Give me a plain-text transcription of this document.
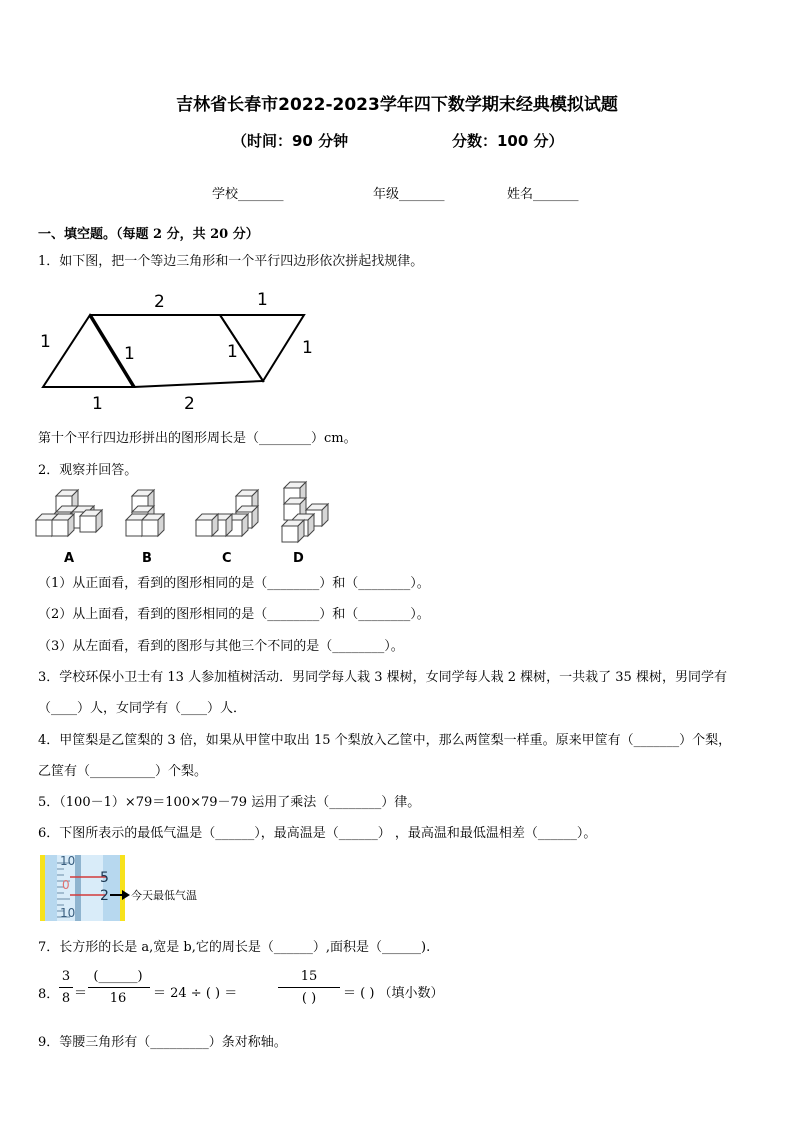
吉林省长春市2022-2023学年四下数学期末经典模拟试题
（时间：90 分钟	分数：100 分）
学校_______	年级_______	姓名_______
一、填空题。（每题 2 分，共 20 分）
1．如下图，把一个等边三角形和一个平行四边形依次拼起找规律。
1
2	1
1	1	1
1	2
第十个平行四边形拼出的图形周长是（________）cm。
2．观察并回答。
A	B	C	D
（1）从正面看，看到的图形相同的是（________）和（________）。
（2）从上面看，看到的图形相同的是（________）和（________）。
（3）从左面看，看到的图形与其他三个不同的是（________）。
3．学校环保小卫士有 13 人参加植树活动．男同学每人栽 3 棵树，女同学每人栽 2 棵树，一共栽了 35 棵树，男同学有
（____）人，女同学有（____）人．
4．甲筐梨是乙筐梨的 3 倍，如果从甲筐中取出 15 个梨放入乙筐中，那么两筐梨一样重。原来甲筐有（_______）个梨，
乙筐有（__________）个梨。
5．（100－1）×79＝100×79－79 运用了乘法（________）律。
6．下图所表示的最低气温是（______），最高温是（______） ，最高温和最低温相差（______）。
10
5
0
2
10
今天最低气温
7．长方形的长是 a,宽是 b,它的周长是（______）,面积是（______).
8．
3
8 ＝
(______)
16	＝ 24 ÷ ( ) ＝
15
( )	＝ ( ) （填小数）
9．等腰三角形有（_________）条对称轴。
